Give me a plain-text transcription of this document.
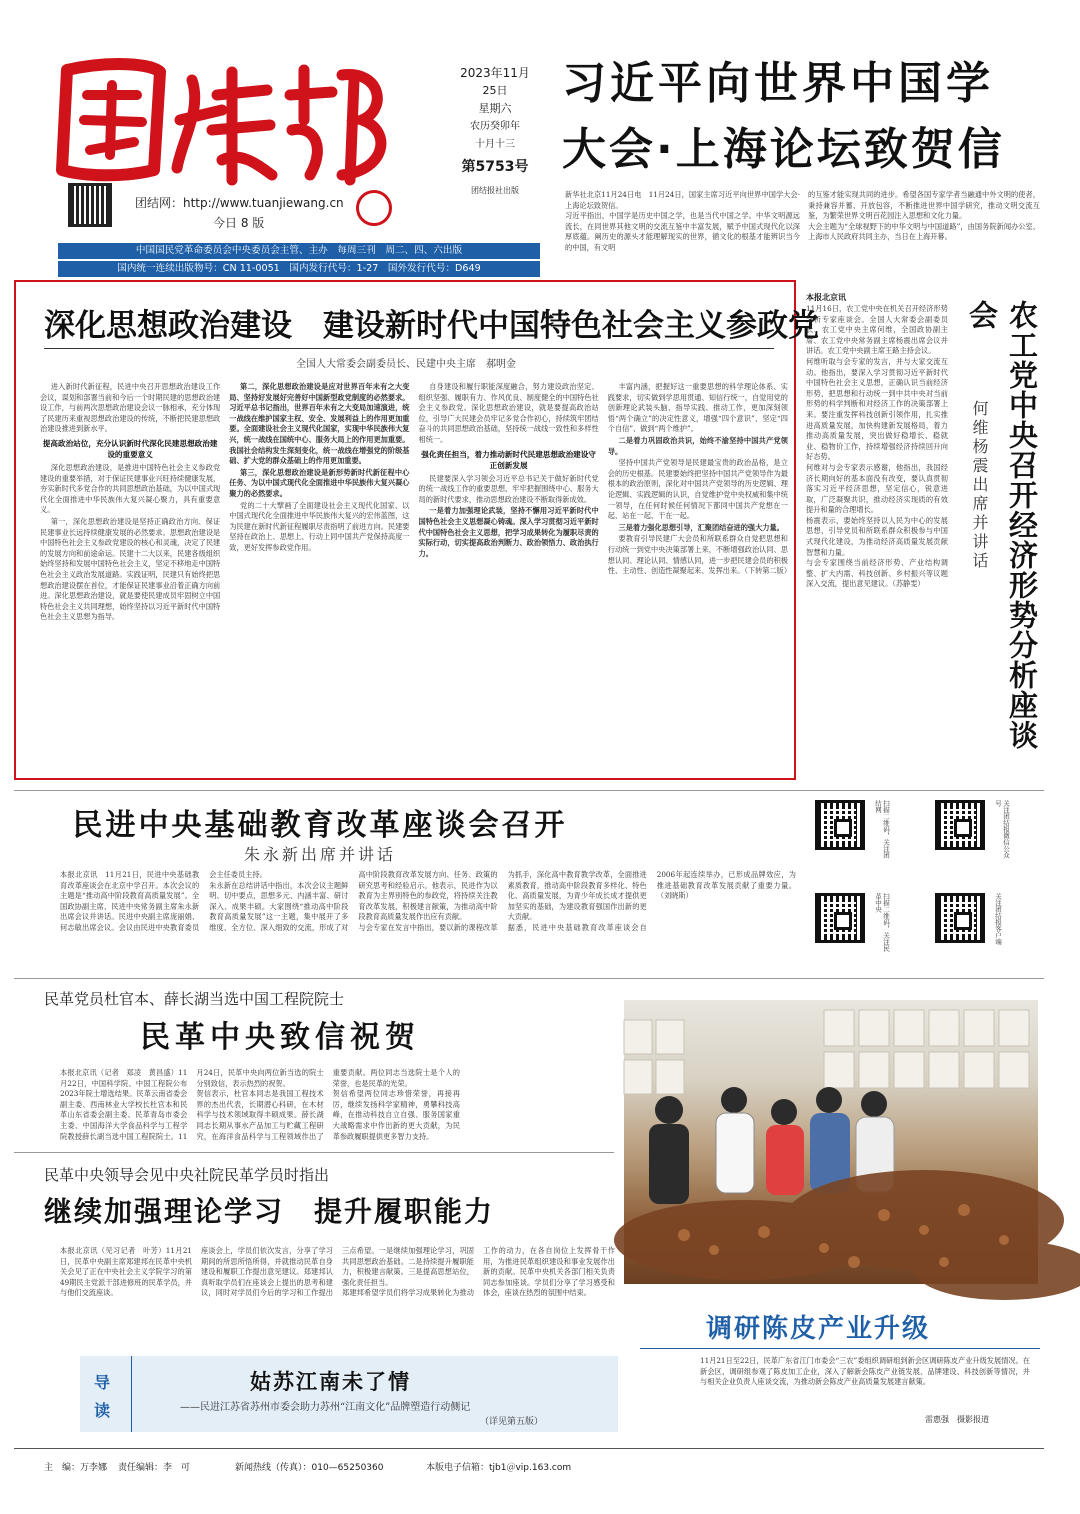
2023年11月
25日
星期六
农历癸卯年
十月十三
第5753号
团结报社出版
团结网：http://www.tuanjiewang.cn
今日 8 版
中国国民党革命委员会中央委员会主管、主办　每周三刊　周二、四、六出版
国内统一连续出版物号：CN 11-0051　国内发行代号：1-27　国外发行代号：D649
习近平向世界中国学
大会·上海论坛致贺信
新华社北京11月24日电　11月24日，国家主席习近平向世界中国学大会·上海论坛致贺信。
习近平指出，中国学是历史中国之学，也是当代中国之学。中华文明源远流长，在同世界其他文明的交流互鉴中丰富发展，赋予中国式现代化以深厚底蕴。阐历史的源头才能理解现实的世界，循文化的根基才能辨识当今的中国，有文明
的互鉴才能实现共同的进步。希望各国专家学者当融通中外文明的使者，秉持兼容并蓄、开放包容，不断推进世界中国学研究，推动文明交流互鉴，为繁荣世界文明百花园注入思想和文化力量。
大会主题为“全球视野下的中华文明与中国道路”，由国务院新闻办公室、上海市人民政府共同主办，当日在上海开幕。
深化思想政治建设　建设新时代中国特色社会主义参政党
全国人大常委会副委员长、民建中央主席　郝明金

进入新时代新征程，民进中央召开思想政治建设工作会议，谋划和部署当前和今后一个时期民建的思想政治建设工作，与前两次思想政治建设会议一脉相承，充分体现了民建历来重视思想政治建设的传统，不断把民建思想政治建设推进到新水平。

提高政治站位，充分认识新时代深化民建思想政治建设的重要意义

深化思想政治建设，是推进中国特色社会主义参政党建设的重要举措，对于保证民建事业兴旺持续健康发展，夯实新时代多党合作的共同思想政治基础，为以中国式现代化全面推进中华民族伟大复兴凝心聚力，具有重要意义。

第一，深化思想政治建设是坚持正确政治方向、保证民建事业长远持续健康发展的必然要求。思想政治建设是中国特色社会主义参政党建设的核心和灵魂，决定了民建的发展方向和前途命运。民建十二大以来，民建各级组织始终坚持和发展中国特色社会主义，坚定不移地走中国特色社会主义政治发展道路。实践证明，民建只有始终把思想政治建设摆在首位，才能保证民建事业沿着正确方向前进。深化思想政治建设，就是要使民建成员牢固树立中国特色社会主义共同理想，始终坚持以习近平新时代中国特色社会主义思想为指导。

第二，深化思想政治建设是应对世界百年未有之大变局、坚持好发展好完善好中国新型政党制度的必然要求。习近平总书记指出，世界百年未有之大变局加速演进，统一战线在维护国家主权、安全、发展利益上的作用更加重要。全面建设社会主义现代化国家，实现中华民族伟大复兴，统一战线在国统中心、服务大局上的作用更加重要。我国社会结构发生深刻变化，统一战线在增强党的阶级基础、扩大党的群众基础上的作用更加重要。

第三，深化思想政治建设是新形势新时代新征程中心任务、为以中国式现代化全面推进中华民族伟大复兴凝心聚力的必然要求。

党的二十大擘画了全面建设社会主义现代化国家、以中国式现代化全面推进中华民族伟大复兴的宏伟蓝图，这为民建在新时代新征程履职尽责指明了前进方向。民建要坚持在政治上、思想上、行动上同中国共产党保持高度一致，更好发挥参政党作用。

自身建设和履行职能深度融合，努力建设政治坚定、组织坚强、履职有力、作风优良、制度健全的中国特色社会主义参政党。深化思想政治建设，就是要提高政治站位，引导广大民建会员牢记多党合作初心，持续筑牢团结奋斗的共同思想政治基础，坚持统一战线一致性和多样性相统一。

强化责任担当，着力推动新时代民建思想政治建设守正创新发展

民建要深入学习领会习近平总书记关于做好新时代党的统一战线工作的重要思想，牢牢把握围绕中心、服务大局的新时代要求，推动思想政治建设不断取得新成效。

一是着力加强理论武装，坚持不懈用习近平新时代中国特色社会主义思想凝心铸魂。深入学习贯彻习近平新时代中国特色社会主义思想，把学习成果转化为履职尽责的实际行动，切实提高政治判断力、政治领悟力、政治执行力。

丰富内涵，把握好这一重要思想的科学理论体系、实践要求，切实做到学思用贯通、知信行统一，自觉用党的创新理论武装头脑、指导实践、推动工作，更加深刻领悟“两个确立”的决定性意义，增强“四个意识”、坚定“四个自信”、做到“两个维护”。

二是着力巩固政治共识，始终不渝坚持中国共产党领导。

坚持中国共产党领导是民建最宝贵的政治品格，是立会的历史根基。民建要始终把坚持中国共产党领导作为最根本的政治原则，深化对中国共产党领导的历史逻辑、理论逻辑、实践逻辑的认识，自觉维护党中央权威和集中统一领导，在任何时候任何情况下都同中国共产党想在一起、站在一起、干在一起。

三是着力强化思想引导，汇聚团结奋进的强大力量。

要教育引导民建广大会员和所联系群众自觉把思想和行动统一到党中央决策部署上来，不断增强政治认同、思想认同、理论认同、情感认同，进一步把民建会员的积极性、主动性、创造性凝聚起来、发挥出来。（下转第二版）

本报北京讯
11月16日，农工党中央在机关召开经济形势分析专家座谈会。全国人大常委会副委员长、农工党中央主席何维，全国政协副主席、农工党中央常务副主席杨震出席会议并讲话。农工党中央副主席王路主持会议。
何维听取与会专家的发言，并与大家交流互动。他指出，要深入学习贯彻习近平新时代中国特色社会主义思想，正确认识当前经济形势，把思想和行动统一到中共中央对当前形势的科学判断和对经济工作的决策部署上来。要注重发挥科技创新引领作用，扎实推进高质量发展，加快构建新发展格局，着力推动高质量发展，突出做好稳增长、稳就业、稳物价工作，持续增强经济持续回升向好态势。
何维对与会专家表示感谢，他指出，我国经济长期向好的基本面没有改变，要认真贯彻落实习近平经济思想，坚定信心，锐意进取，广泛凝聚共识，推动经济实现质的有效提升和量的合理增长。
杨震表示，要始终坚持以人民为中心的发展思想，引导党员和所联系群众积极参与中国式现代化建设，为推动经济高质量发展贡献智慧和力量。
与会专家围绕当前经济形势、产业结构调整、扩大内需、科技创新、乡村振兴等议题深入交流，提出意见建议。（苏静雯）	农工党中央召开经济形势分析座谈会
何维杨震出席并讲话
民进中央基础教育改革座谈会召开
朱永新出席并讲话
本报北京讯　11月21日，民进中央基础教育改革座谈会在北京中学召开。本次会议的主题是“推动高中阶段教育高质量发展”。全国政协副主席、民进中央常务副主席朱永新出席会议并讲话。民进中央副主席庞丽娟、何志敏出席会议。会议由民进中央教育委员会主任委员主持。
朱永新在总结讲话中指出，本次会议主题鲜明、切中要点，思想多元、内涵丰富、研讨深入、成果丰硕。大家围绕“推动高中阶段教育高质量发展”这一主题，集中展开了多维度、全方位、深入细致的交流，形成了对高中阶段教育改革发展方向、任务、政策的研究思考和经验启示。他表示，民进作为以教育为主界别特色的参政党，将持续关注教育改革发展，积极建言献策，为推动高中阶段教育高质量发展作出应有贡献。
与会专家在发言中指出，要以新的课程改革为抓手，深化高中教育教学改革，全面推进素质教育，推动高中阶段教育多样化、特色化、高质量发展，为青少年成长成才提供更加坚实的基础，为建设教育强国作出新的更大贡献。
据悉，民进中央基础教育改革座谈会自2006年起连续举办，已形成品牌效应，为推进基础教育改革发展贡献了重要力量。（刘晓斯）
扫描二维码，关注团结网	关注团结报微信公众号
扫描二维码，关注民革中央	关注团结报客户端
民革党员杜官本、薛长湖当选中国工程院院士
民革中央致信祝贺
本报北京讯（记者　郑凌　黄昌盛）11月22日，中国科学院、中国工程院公布2023年院士增选结果。民革云南省委会副主委、西南林业大学校长杜官本和民革山东省委会副主委、民革青岛市委会主委、中国海洋大学食品科学与工程学院教授薛长湖当选中国工程院院士。11月24日，民革中央向两位新当选的院士分别致信，表示热烈的祝贺。
贺信表示，杜官本同志是我国工程技术界的杰出代表，长期潜心科研，在木材科学与技术领域取得丰硕成果。薛长湖同志长期从事水产品加工与贮藏工程研究，在海洋食品科学与工程领域作出了重要贡献。两位同志当选院士是个人的荣誉，也是民革的光荣。
贺信希望两位同志珍惜荣誉，再接再厉，继续发扬科学家精神，勇攀科技高峰，在推动科技自立自强、服务国家重大战略需求中作出新的更大贡献，为民革参政履职提供更多智力支持。
民革中央领导会见中央社院民革学员时指出
继续加强理论学习　提升履职能力
本报北京讯（见习记者　叶芳）11月21日，民革中央副主席郑建邦在民革中央机关会见了正在中央社会主义学院学习的第49期民主党派干部进修班的民革学员，并与他们交流座谈。
座谈会上，学员们依次发言，分享了学习期间的所思所悟所得，并就推动民革自身建设和履职工作提出意见建议。郑建邦认真听取学员们在座谈会上提出的思考和建议，同时对学员们今后的学习和工作提出三点希望。一是继续加强理论学习，巩固共同思想政治基础。二是持续提升履职能力，积极建言献策。三是提高思想站位，强化责任担当。
郑建邦希望学员们将学习成果转化为推动工作的动力，在各自岗位上发挥骨干作用，为推进民革组织建设和事业发展作出新的贡献。民革中央机关各部门相关负责同志参加座谈。学员们分享了学习感受和体会，座谈在热烈的氛围中结束。
调研陈皮产业升级
11月21日至22日，民革广东省江门市委会“三农”委组织调研组到新会区调研陈皮产业升级发展情况。在新会区，调研组参观了陈皮加工企业，深入了解新会陈皮产业链发展、品牌建设、科技创新等情况，并与相关企业负责人座谈交流，为推动新会陈皮产业高质量发展建言献策。
雷惠强　摄影报道
导
读
姑苏江南未了情
——民进江苏省苏州市委会助力苏州“江南文化”品牌塑造行动侧记
（详见第五版）
主　编：万李娜 责任编辑：李　可	新闻热线（传真）：010—65250360	本版电子信箱：tjb1＠vip.163.com
